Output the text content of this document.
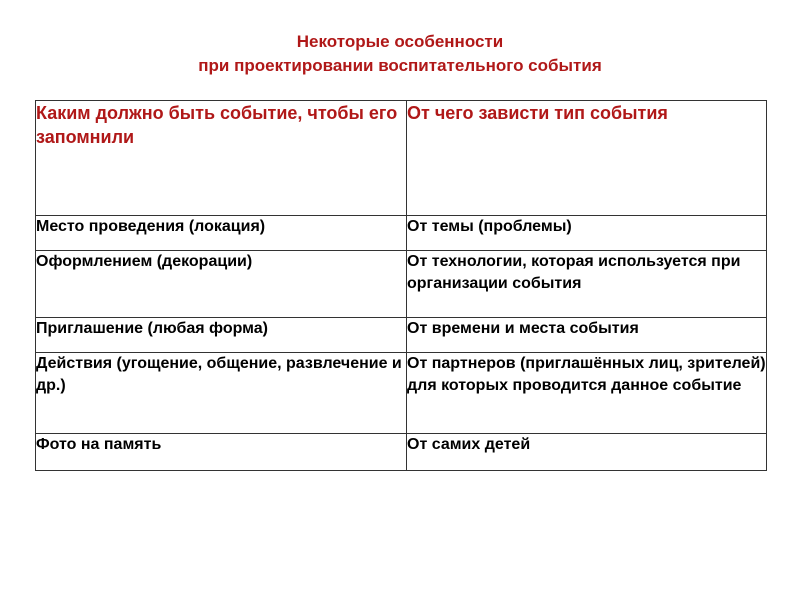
Некоторые особенности
при проектировании воспитательного события
Каким должно быть событие, чтобы его запомнили	От чего зависти тип события

Место проведения (локация)	От темы (проблемы)

Оформлением (декорации)	От технологии, которая используется при организации события

Приглашение (любая форма)	От времени и места события

Действия (угощение, общение, развлечение и др.)	От партнеров (приглашённых лиц, зрителей) для которых проводится данное событие

Фото на память	От самих детей
